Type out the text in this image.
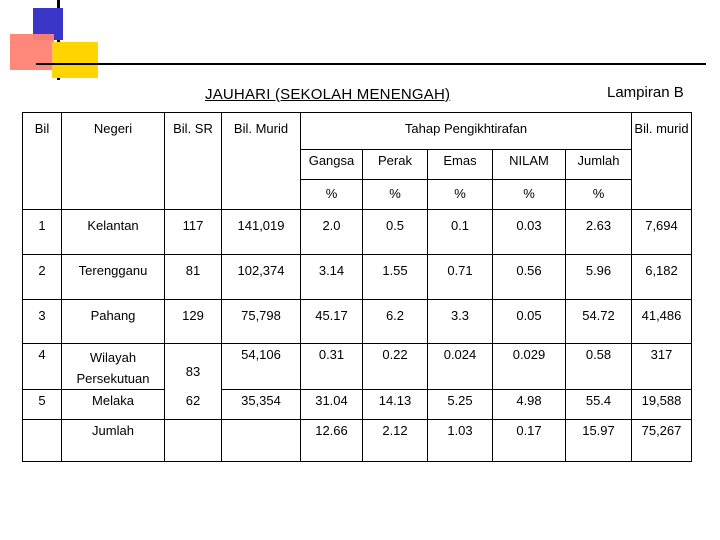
JAUHARI (SEKOLAH MENENGAH)	Lampiran B
Bil	Negeri	Bil. SR	Bil. Murid	Tahap Pengikhtirafan					Bil. murid
				Gangsa	Perak	Emas	NILAM	Jumlah	
				%	%	%	%	%	
1	Kelantan	117	141,019	2.0	0.5	0.1	0.03	2.63	7,694
2	Terengganu	81	102,374	3.14	1.55	0.71	0.56	5.96	6,182
3	Pahang	129	75,798	45.17	6.2	3.3	0.05	54.72	41,486
4	Wilayah Persekutuan	83	54,106	0.31	0.22	0.024	0.029	0.58	317
5	Melaka	62	35,354	31.04	14.13	5.25	4.98	55.4	19,588
	Jumlah			12.66	2.12	1.03	0.17	15.97	75,267
